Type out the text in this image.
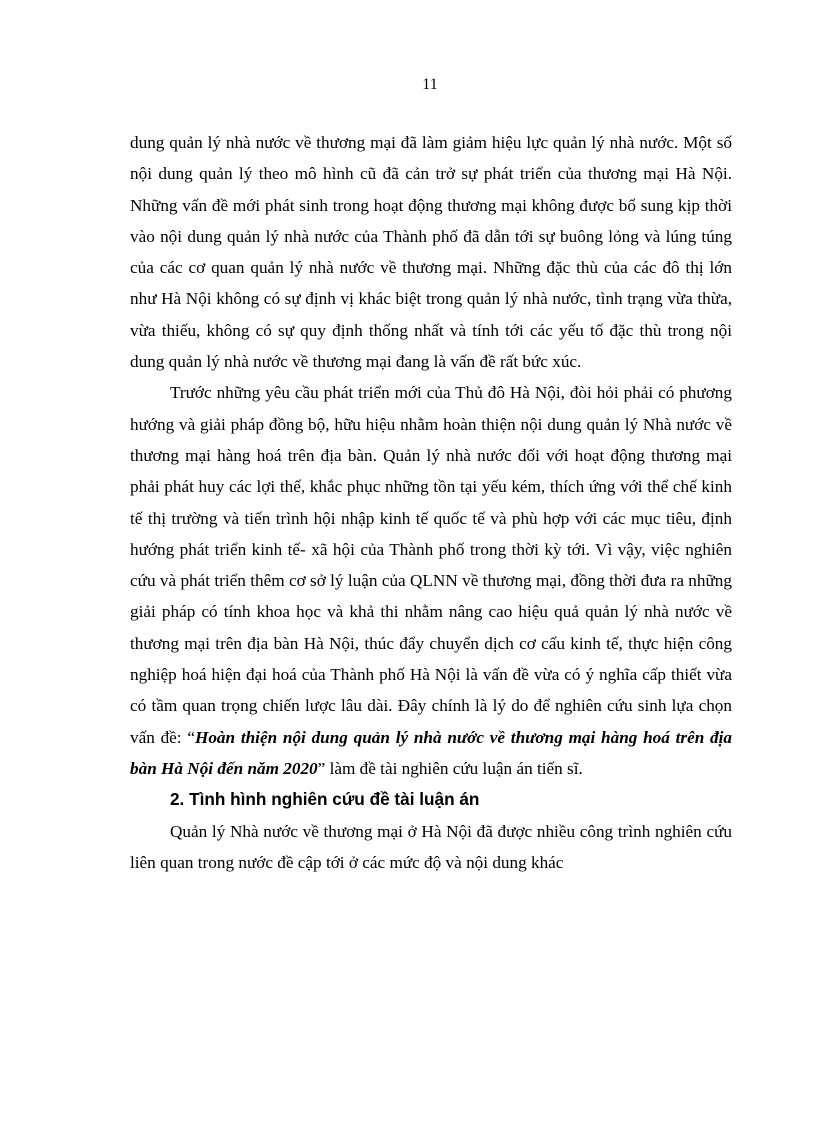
11

dung quản lý nhà nước về thương mại đã làm giảm hiệu lực quản lý nhà nước. Một số nội dung quản lý theo mô hình cũ đã cản trở sự phát triển của thương mại Hà Nội. Những vấn đề mới phát sinh trong hoạt động thương mại không được bổ sung kịp thời vào nội dung quản lý nhà nước của Thành phố đã dẫn tới sự buông lỏng và lúng túng của các cơ quan quản lý nhà nước về thương mại. Những đặc thù của các đô thị lớn như Hà Nội không có sự định vị khác biệt trong quản lý nhà nước, tình trạng vừa thừa, vừa thiếu, không có sự quy định thống nhất và tính tới các yếu tố đặc thù trong nội dung quản lý nhà nước về thương mại đang là vấn đề rất bức xúc.

Trước những yêu cầu phát triển mới của Thủ đô Hà Nội, đòi hỏi phải có phương hướng và giải pháp đồng bộ, hữu hiệu nhằm hoàn thiện nội dung quản lý Nhà nước về thương mại hàng hoá trên địa bàn. Quản lý nhà nước đối với hoạt động thương mại phải phát huy các lợi thế, khắc phục những tồn tại yếu kém, thích ứng với thể chế kinh tế thị trường và tiến trình hội nhập kinh tế quốc tế và phù hợp với các mục tiêu, định hướng phát triển kinh tế- xã hội của Thành phố trong thời kỳ tới. Vì vậy, việc nghiên cứu và phát triển thêm cơ sở lý luận của QLNN về thương mại, đồng thời đưa ra những giải pháp có tính khoa học và khả thi nhằm nâng cao hiệu quả quản lý nhà nước về thương mại trên địa bàn Hà Nội, thúc đẩy chuyển dịch cơ cấu kinh tế, thực hiện công nghiệp hoá hiện đại hoá của Thành phố Hà Nội là vấn đề vừa có ý nghĩa cấp thiết vừa có tầm quan trọng chiến lược lâu dài. Đây chính là lý do để nghiên cứu sinh lựa chọn vấn đề: “Hoàn thiện nội dung quản lý nhà nước về thương mại hàng hoá trên địa bàn Hà Nội đến năm 2020” làm đề tài nghiên cứu luận án tiến sĩ.

2. Tình hình nghiên cứu đề tài luận án

Quản lý Nhà nước về thương mại ở Hà Nội đã được nhiều công trình nghiên cứu liên quan trong nước đề cập tới ở các mức độ và nội dung khác
